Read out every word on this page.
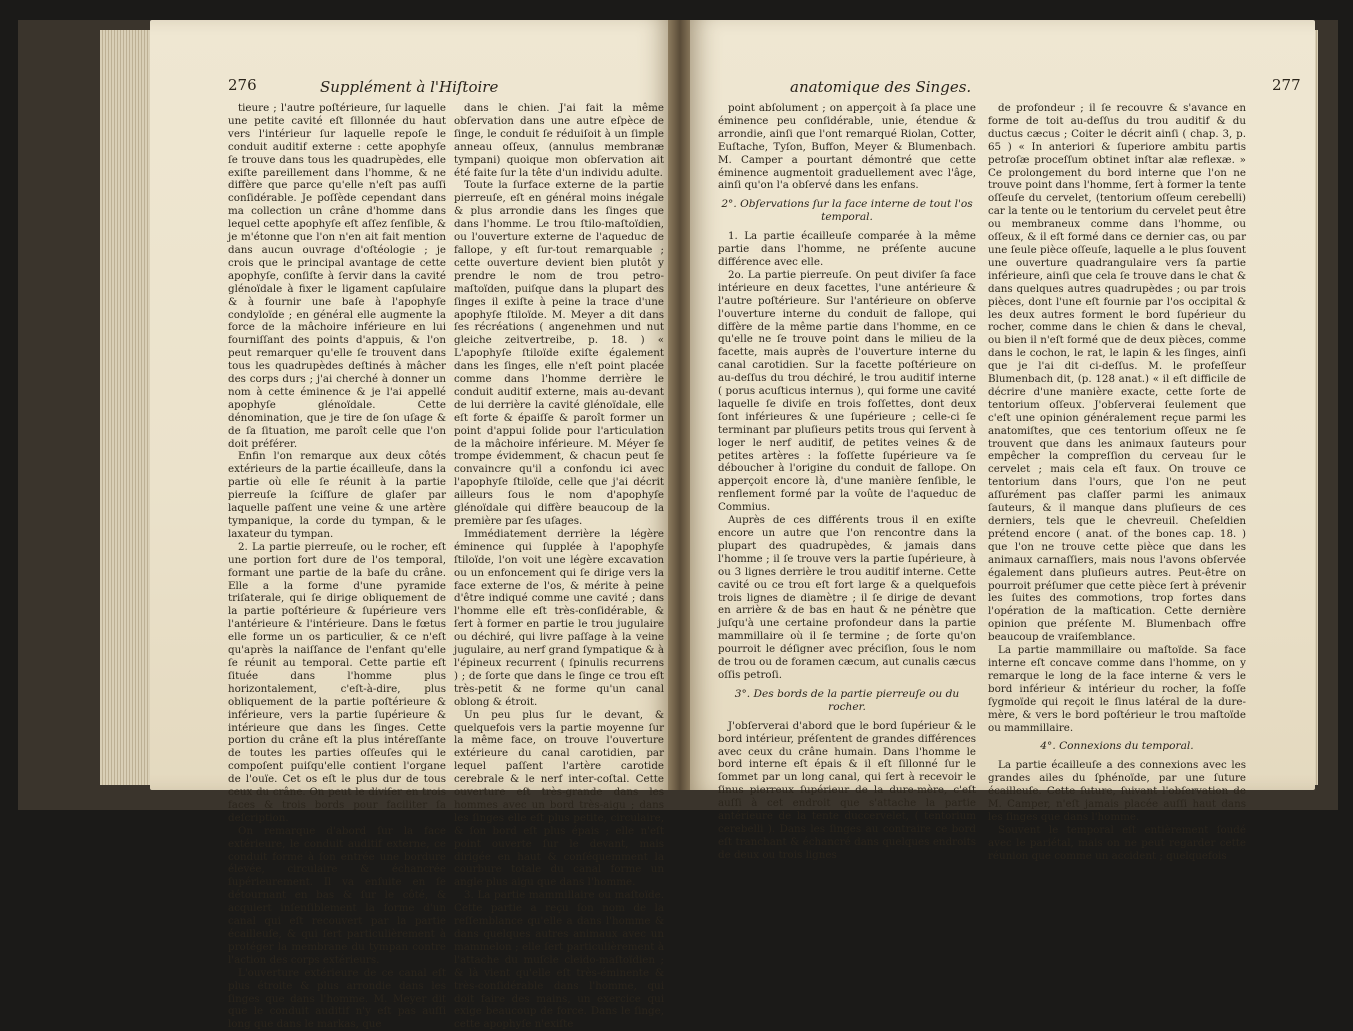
276	Supplément à l'Hiſtoire

tieure ; l'autre poſtérieure, ſur laquelle une petite cavité eſt ſillonnée du haut vers l'intérieur ſur laquelle repoſe le conduit auditif externe : cette apophyſe ſe trouve dans tous les quadrupèdes, elle exiſte pareillement dans l'homme, & ne diffère que parce qu'elle n'eſt pas auſſi conſidérable. Je poſſède cependant dans ma collection un crâne d'homme dans lequel cette apophyſe eſt aſſez ſenſible, & je m'étonne que l'on n'en ait fait mention dans aucun ouvrage d'oſtéologie ; je crois que le principal avantage de cette apophyſe, conſiſte à ſervir dans la cavité glénoïdale à fixer le ligament capſulaire & à fournir une baſe à l'apophyſe condyloïde ; en général elle augmente la force de la mâchoire inférieure en lui fourniſſant des points d'appuis, & l'on peut remarquer qu'elle ſe trouvent dans tous les quadrupèdes deſtinés à mâcher des corps durs ; j'ai cherché à donner un nom à cette éminence & je l'ai appellé apophyſe glénoïdale. Cette dénomination, que je tire de ſon uſage & de ſa ſituation, me paroît celle que l'on doit préférer.

Enfin l'on remarque aux deux côtés extérieurs de la partie écailleuſe, dans la partie où elle ſe réunit à la partie pierreuſe la ſciſſure de glaſer par laquelle paſſent une veine & une artère tympanique, la corde du tympan, & le laxateur du tympan.

2. La partie pierreuſe, ou le rocher, eſt une portion fort dure de l'os temporal, formant une partie de la baſe du crâne. Elle a la forme d'une pyramide triſaterale, qui ſe dirige obliquement de la partie poſtérieure & ſupérieure vers l'antérieure & l'intérieure. Dans le fœtus elle forme un os particulier, & ce n'eſt qu'après la naiſſance de l'enfant qu'elle ſe réunit au temporal. Cette partie eſt ſituée dans l'homme plus horizontalement, c'eſt-à-dire, plus obliquement de la partie poſtérieure & inférieure, vers la partie ſupérieure & intérieure que dans les ſinges. Cette portion du crâne eſt la plus intéreſſante de toutes les parties oſſeuſes qui le compoſent puiſqu'elle contient l'organe de l'ouïe. Cet os eſt le plus dur de tous ceux du crâne. On peut le diviſer en trois faces & trois bords pour faciliter ſa deſcription.

On remarque d'abord ſur la face extérieure, le conduit auditif externe, ce conduit forme à ſon entrée une bordure élevée, circulaire & échancrée ſupérieurement. Il va enſuite en ſe détournant en bas & ſur le côté, & acquiert inſenſiblement la forme d'un canal qui eſt recouvert par la partie écailleuſe, & qui ſert particulièrement à protéger la membrane du tympan contre l'action des corps extérieurs.

L'ouverture extérieure de ce canal eſt plus étroite & plus arrondie dans les ſinges que dans l'homme. M. Meyer dit que le conduit auditif n'y eſt pas auſſi long que dans le markas, que

dans le chien. J'ai fait la même obſervation dans une autre eſpèce de ſinge, le conduit ſe réduiſoit à un ſimple anneau oſſeux, (annulus membranæ tympani) quoique mon obſervation ait été faite ſur la tête d'un individu adulte.

Toute la ſurface externe de la partie pierreuſe, eſt en général moins inégale & plus arrondie dans les ſinges que dans l'homme. Le trou ſtilo-maſtoïdien, ou l'ouverture externe de l'aqueduc de fallope, y eſt ſur-tout remarquable ; cette ouverture devient bien plutôt y prendre le nom de trou petro-maſtoïden, puiſque dans la plupart des ſinges il exiſte à peine la trace d'une apophyſe ſtiloïde. M. Meyer a dit dans ſes récréations ( angenehmen und nut gleiche zeitvertreibe, p. 18. ) « L'apophyſe ſtiloïde exiſte également dans les ſinges, elle n'eſt point placée comme dans l'homme derrière le conduit auditif externe, mais au-devant de lui derrière la cavité glénoïdale, elle eſt forte & épaiſſe & paroît former un point d'appui ſolide pour l'articulation de la mâchoire inférieure. M. Méyer ſe trompe évidemment, & chacun peut ſe convaincre qu'il a confondu ici avec l'apophyſe ſtiloïde, celle que j'ai décrit ailleurs ſous le nom d'apophyſe glénoïdale qui diffère beaucoup de la première par ſes uſages.

Immédiatement derrière la légère éminence qui ſupplée à l'apophyſe ſtiloïde, l'on voit une légère excavation ou un enfoncement qui ſe dirige vers la face externe de l'os, & mérite à peine d'être indiqué comme une cavité ; dans l'homme elle eſt très-conſidérable, & ſert à former en partie le trou jugulaire ou déchiré, qui livre paſſage à la veine jugulaire, au nerf grand ſympatique & à l'épineux recurrent ( ſpinulis recurrens ) ; de ſorte que dans le ſinge ce trou eſt très-petit & ne forme qu'un canal oblong & étroit.

Un peu plus ſur le devant, & quelquefois vers la partie moyenne ſur la même face, on trouve l'ouverture extérieure du canal carotidien, par lequel paſſent l'artère carotide cerebrale & le nerf inter-coſtal. Cette ouverture eſt très-grande dans les hommes avec un bord très-aigu ; dans les ſinges elle eſt plus petite, circulaire, & ſon bord eſt plus épais ; elle n'eſt point ouverte ſur le devant, mais dirigée en haut & conſéquemment la courbure totale du canal forme un angle plus aigu que dans l'homme.

3. La partie mammillaire ou maſtoïde. Cette partie a reçu ſon nom de la reſſemblance qu'elle a dans l'homme & dans quelques autres animaux avec un mammelon ; elle ſert particulièrement à l'attache du muſcle cleido-maſtoïdien ; & là vient qu'elle eſt très-éminente & très-conſidérable dans l'homme, qui doit faire des mains, un exercice qui exige beaucoup de force. Dans le ſinge, cette apophyſe n'exiſte

anatomique des Singes.	277

point abſolument ; on apperçoit à ſa place une éminence peu conſidérable, unie, étendue & arrondie, ainſi que l'ont remarqué Riolan, Cotter, Euſtache, Tyſon, Buffon, Meyer & Blumenbach. M. Camper a pourtant démontré que cette éminence augmentoit graduellement avec l'âge, ainſi qu'on l'a obſervé dans les enfans.

2°. Obſervations ſur la face interne de tout l'os temporal.

1. La partie écailleuſe comparée à la même partie dans l'homme, ne préſente aucune différence avec elle.

2o. La partie pierreuſe. On peut diviſer ſa face intérieure en deux facettes, l'une antérieure & l'autre poſtérieure. Sur l'antérieure on obſerve l'ouverture interne du conduit de fallope, qui diffère de la même partie dans l'homme, en ce qu'elle ne ſe trouve point dans le milieu de la facette, mais auprès de l'ouverture interne du canal carotidien. Sur la facette poſtérieure on au-deſſus du trou déchiré, le trou auditif interne ( porus acuſticus internus ), qui forme une cavité laquelle ſe diviſe en trois foſſettes, dont deux ſont inférieures & une ſupérieure ; celle-ci ſe terminant par pluſieurs petits trous qui ſervent à loger le nerf auditif, de petites veines & de petites artères : la foſſette ſupérieure va ſe déboucher à l'origine du conduit de fallope. On apperçoit encore là, d'une manière ſenſible, le renflement formé par la voûte de l'aqueduc de Commius.

Auprès de ces différents trous il en exiſte encore un autre que l'on rencontre dans la plupart des quadrupèdes, & jamais dans l'homme ; il ſe trouve vers la partie ſupérieure, à ou 3 lignes derrière le trou auditif interne. Cette cavité ou ce trou eſt fort large & a quelquefois trois lignes de diamètre ; il ſe dirige de devant en arrière & de bas en haut & ne pénètre que juſqu'à une certaine profondeur dans la partie mammillaire où il ſe termine ; de ſorte qu'on pourroit le déſigner avec préciſion, ſous le nom de trou ou de foramen cæcum, aut cunalis cæcus oſſis petroſi.

3°. Des bords de la partie pierreuſe ou du rocher.

J'obſerverai d'abord que le bord ſupérieur & le bord intérieur, préſentent de grandes différences avec ceux du crâne humain. Dans l'homme le bord interne eſt épais & il eſt ſillonné ſur le ſommet par un long canal, qui ſert à recevoir le ſinus pierreux ſupérieur de la dure-mère, c'eſt auſſi à cet endroit que s'attache la partie antérieure de la tente duccervelet, ( tentorium cerebelli ). Dans les ſinges au contraire ce bord eſt tranchant & échancré dans quelques endroits de deux ou trois lignes

de profondeur ; il ſe recouvre & s'avance en forme de toit au-deſſus du trou auditif & du ductus cæcus ; Coiter le décrit ainſi ( chap. 3, p. 65 ) « In anteriori & ſuperiore ambitu partis petroſæ proceſſum obtinet inſtar alæ reflexæ. » Ce prolongement du bord interne que l'on ne trouve point dans l'homme, ſert à former la tente oſſeuſe du cervelet, (tentorium oſſeum cerebelli) car la tente ou le tentorium du cervelet peut être ou membraneux comme dans l'homme, ou oſſeux, & il eſt formé dans ce dernier cas, ou par une ſeule pièce oſſeuſe, laquelle a le plus ſouvent une ouverture quadrangulaire vers ſa partie inférieure, ainſi que cela ſe trouve dans le chat & dans quelques autres quadrupèdes ; ou par trois pièces, dont l'une eſt fournie par l'os occipital & les deux autres forment le bord ſupérieur du rocher, comme dans le chien & dans le cheval, ou bien il n'eſt formé que de deux pièces, comme dans le cochon, le rat, le lapin & les ſinges, ainſi que je l'ai dit ci-deſſus. M. le profeſſeur Blumenbach dit, (p. 128 anat.) « il eſt difficile de décrire d'une manière exacte, cette ſorte de tentorium oſſeux. J'obſerverai ſeulement que c'eſt une opinion généralement reçue parmi les anatomiſtes, que ces tentorium oſſeux ne ſe trouvent que dans les animaux ſauteurs pour empêcher la compreſſion du cerveau ſur le cervelet ; mais cela eſt faux. On trouve ce tentorium dans l'ours, que l'on ne peut aſſurément pas claſſer parmi les animaux ſauteurs, & il manque dans pluſieurs de ces derniers, tels que le chevreuil. Cheſeldien prétend encore ( anat. of the bones cap. 18. ) que l'on ne trouve cette pièce que dans les animaux carnaſſiers, mais nous l'avons obſervée également dans pluſieurs autres. Peut-être on pourroit préſumer que cette pièce ſert à prévenir les ſuites des commotions, trop fortes dans l'opération de la maſtication. Cette dernière opinion que préſente M. Blumenbach offre beaucoup de vraiſemblance.

La partie mammillaire ou maſtoïde. Sa face interne eſt concave comme dans l'homme, on y remarque le long de la face interne & vers le bord inférieur & intérieur du rocher, la foſſe ſygmoïde qui reçoit le ſinus latéral de la dure-mère, & vers le bord poſtérieur le trou maſtoïde ou mammillaire.

4°. Connexions du temporal.

La partie écailleuſe a des connexions avec les grandes ailes du ſphénoïde, par une ſuture écailleuſe. Cette ſuture, ſuivant l'obſervation de M. Camper, n'eſt jamais placée auſſi haut dans les ſinges que dans l'homme.

Souvent le temporal eſt entièrement ſoudé avec le pariétal, mais on ne peut regarder cette réunion que comme un accident ; quelquefois
